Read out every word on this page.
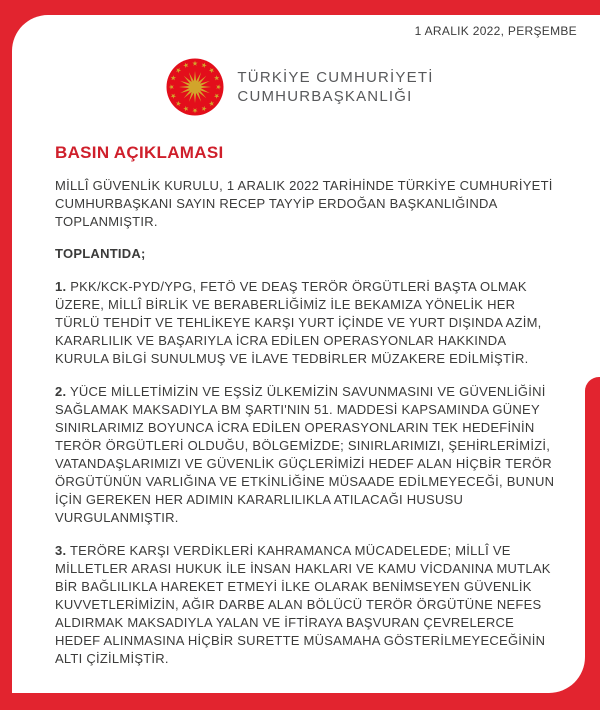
1 ARALIK 2022, PERŞEMBE
TÜRKİYE CUMHURİYETİ
CUMHURBAŞKANLIĞI
BASIN AÇIKLAMASI

MİLLÎ GÜVENLİK KURULU, 1 ARALIK 2022 TARİHİNDE TÜRKİYE CUMHURİYETİ CUMHURBAŞKANI SAYIN RECEP TAYYİP ERDOĞAN BAŞKANLIĞINDA TOPLANMIŞTIR.

TOPLANTIDA;

1. PKK/KCK-PYD/YPG, FETÖ VE DEAŞ TERÖR ÖRGÜTLERİ BAŞTA OLMAK ÜZERE, MİLLÎ BİRLİK VE BERABERLİĞİMİZ İLE BEKAMIZA YÖNELİK HER TÜRLÜ TEHDİT VE TEHLİKEYE KARŞI YURT İÇİNDE VE YURT DIŞINDA AZİM, KARARLILIK VE BAŞARIYLA İCRA EDİLEN OPERASYONLAR HAKKINDA KURULA BİLGİ SUNULMUŞ VE İLAVE TEDBİRLER MÜZAKERE EDİLMİŞTİR.

2. YÜCE MİLLETİMİZİN VE EŞSİZ ÜLKEMİZİN SAVUNMASINI VE GÜVENLİĞİNİ SAĞLAMAK MAKSADIYLA BM ŞARTI'NIN 51. MADDESİ KAPSAMINDA GÜNEY SINIRLARIMIZ BOYUNCA İCRA EDİLEN OPERASYONLARIN TEK HEDEFİNİN TERÖR ÖRGÜTLERİ OLDUĞU, BÖLGEMİZDE; SINIRLARIMIZI, ŞEHİRLERİMİZİ, VATANDAŞLARIMIZI VE GÜVENLİK GÜÇLERİMİZİ HEDEF ALAN HİÇBİR TERÖR ÖRGÜTÜNÜN VARLIĞINA VE ETKİNLİĞİNE MÜSAADE EDİLMEYECEĞİ, BUNUN İÇİN GEREKEN HER ADIMIN KARARLILIKLA ATILACAĞI HUSUSU VURGULANMIŞTIR.

3. TERÖRE KARŞI VERDİKLERİ KAHRAMANCA MÜCADELEDE; MİLLÎ VE MİLLETLER ARASI HUKUK İLE İNSAN HAKLARI VE KAMU VİCDANINA MUTLAK BİR BAĞLILIKLA HAREKET ETMEYİ İLKE OLARAK BENİMSEYEN GÜVENLİK KUVVETLERİMİZİN, AĞIR DARBE ALAN BÖLÜCÜ TERÖR ÖRGÜTÜNE NEFES ALDIRMAK MAKSADIYLA YALAN VE İFTİRAYA BAŞVURAN ÇEVRELERCE HEDEF ALINMASINA HİÇBİR SURETTE MÜSAMAHA GÖSTERİLMEYECEĞİNİN ALTI ÇİZİLMİŞTİR.
